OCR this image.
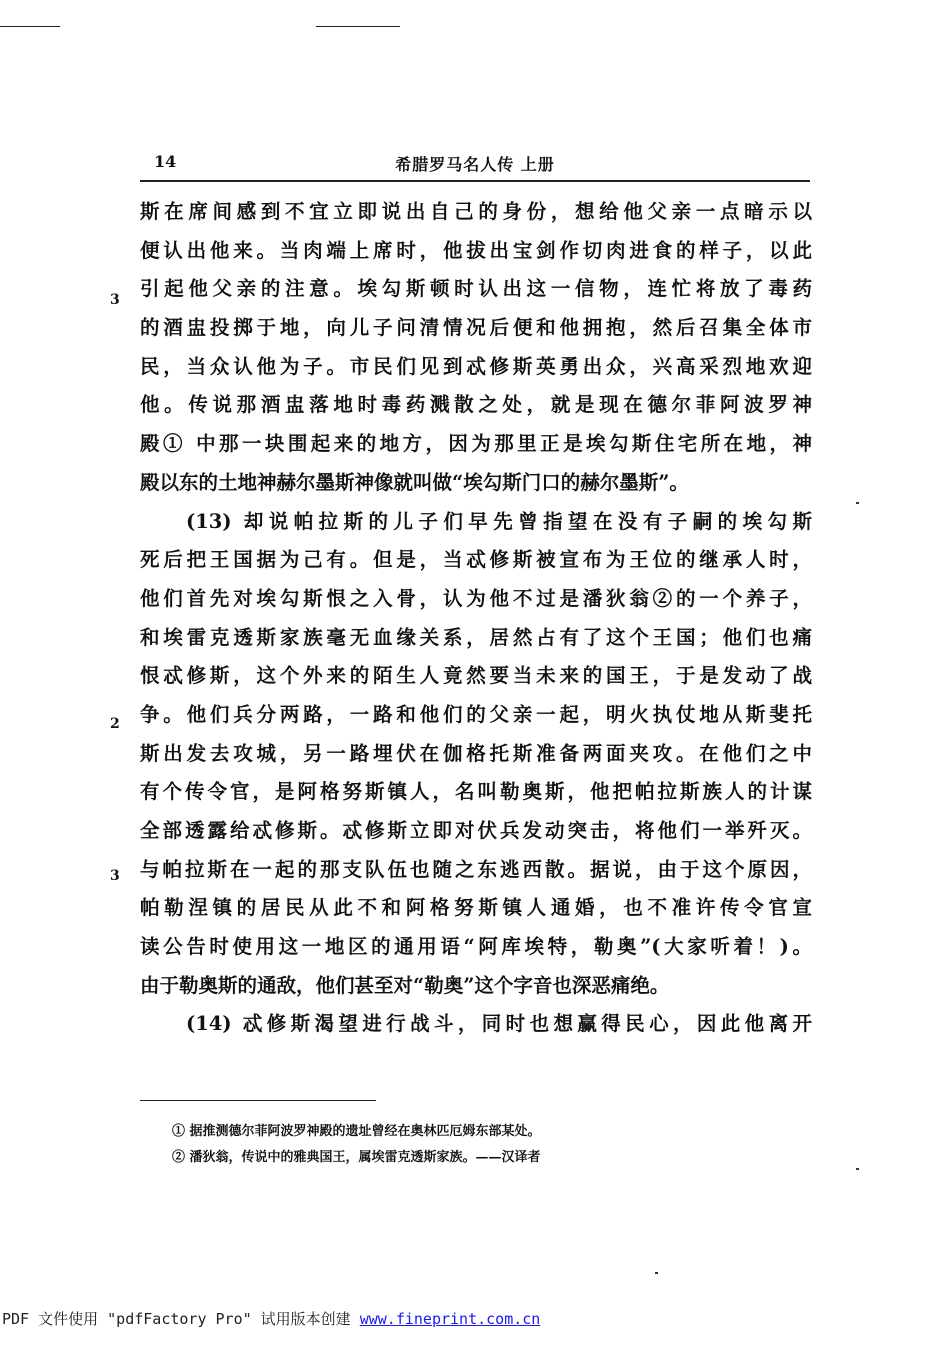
14	希腊罗马名人传 上册
3
2
3
斯在席间感到不宜立即说出自己的身份，想给他父亲一点暗示以
便认出他来。当肉端上席时，他拔出宝剑作切肉进食的样子，以此
引起他父亲的注意。埃勾斯顿时认出这一信物，连忙将放了毒药
的酒盅投掷于地，向儿子问清情况后便和他拥抱，然后召集全体市
民，当众认他为子。市民们见到忒修斯英勇出众，兴高采烈地欢迎
他。传说那酒盅落地时毒药溅散之处，就是现在德尔菲阿波罗神
殿① 中那一块围起来的地方，因为那里正是埃勾斯住宅所在地，神
殿以东的土地神赫尔墨斯神像就叫做“埃勾斯门口的赫尔墨斯”。
(13) 却说帕拉斯的儿子们早先曾指望在没有子嗣的埃勾斯
死后把王国据为己有。但是，当忒修斯被宣布为王位的继承人时，
他们首先对埃勾斯恨之入骨，认为他不过是潘狄翁②的一个养子，
和埃雷克透斯家族毫无血缘关系，居然占有了这个王国；他们也痛
恨忒修斯，这个外来的陌生人竟然要当未来的国王，于是发动了战
争。他们兵分两路，一路和他们的父亲一起，明火执仗地从斯斐托
斯出发去攻城，另一路埋伏在伽格托斯准备两面夹攻。在他们之中
有个传令官，是阿格努斯镇人，名叫勒奥斯，他把帕拉斯族人的计谋
全部透露给忒修斯。忒修斯立即对伏兵发动突击，将他们一举歼灭。
与帕拉斯在一起的那支队伍也随之东逃西散。据说，由于这个原因，
帕勒涅镇的居民从此不和阿格努斯镇人通婚，也不准许传令官宣
读公告时使用这一地区的通用语“阿库埃特，勒奥”(大家听着！)。
由于勒奥斯的通敌，他们甚至对“勒奥”这个字音也深恶痛绝。
(14) 忒修斯渴望进行战斗，同时也想赢得民心，因此他离开
① 据推测德尔菲阿波罗神殿的遗址曾经在奥林匹厄姆东部某处。
② 潘狄翁，传说中的雅典国王，属埃雷克透斯家族。——汉译者
PDF 文件使用 "pdfFactory Pro" 试用版本创建 www.fineprint.com.cn
